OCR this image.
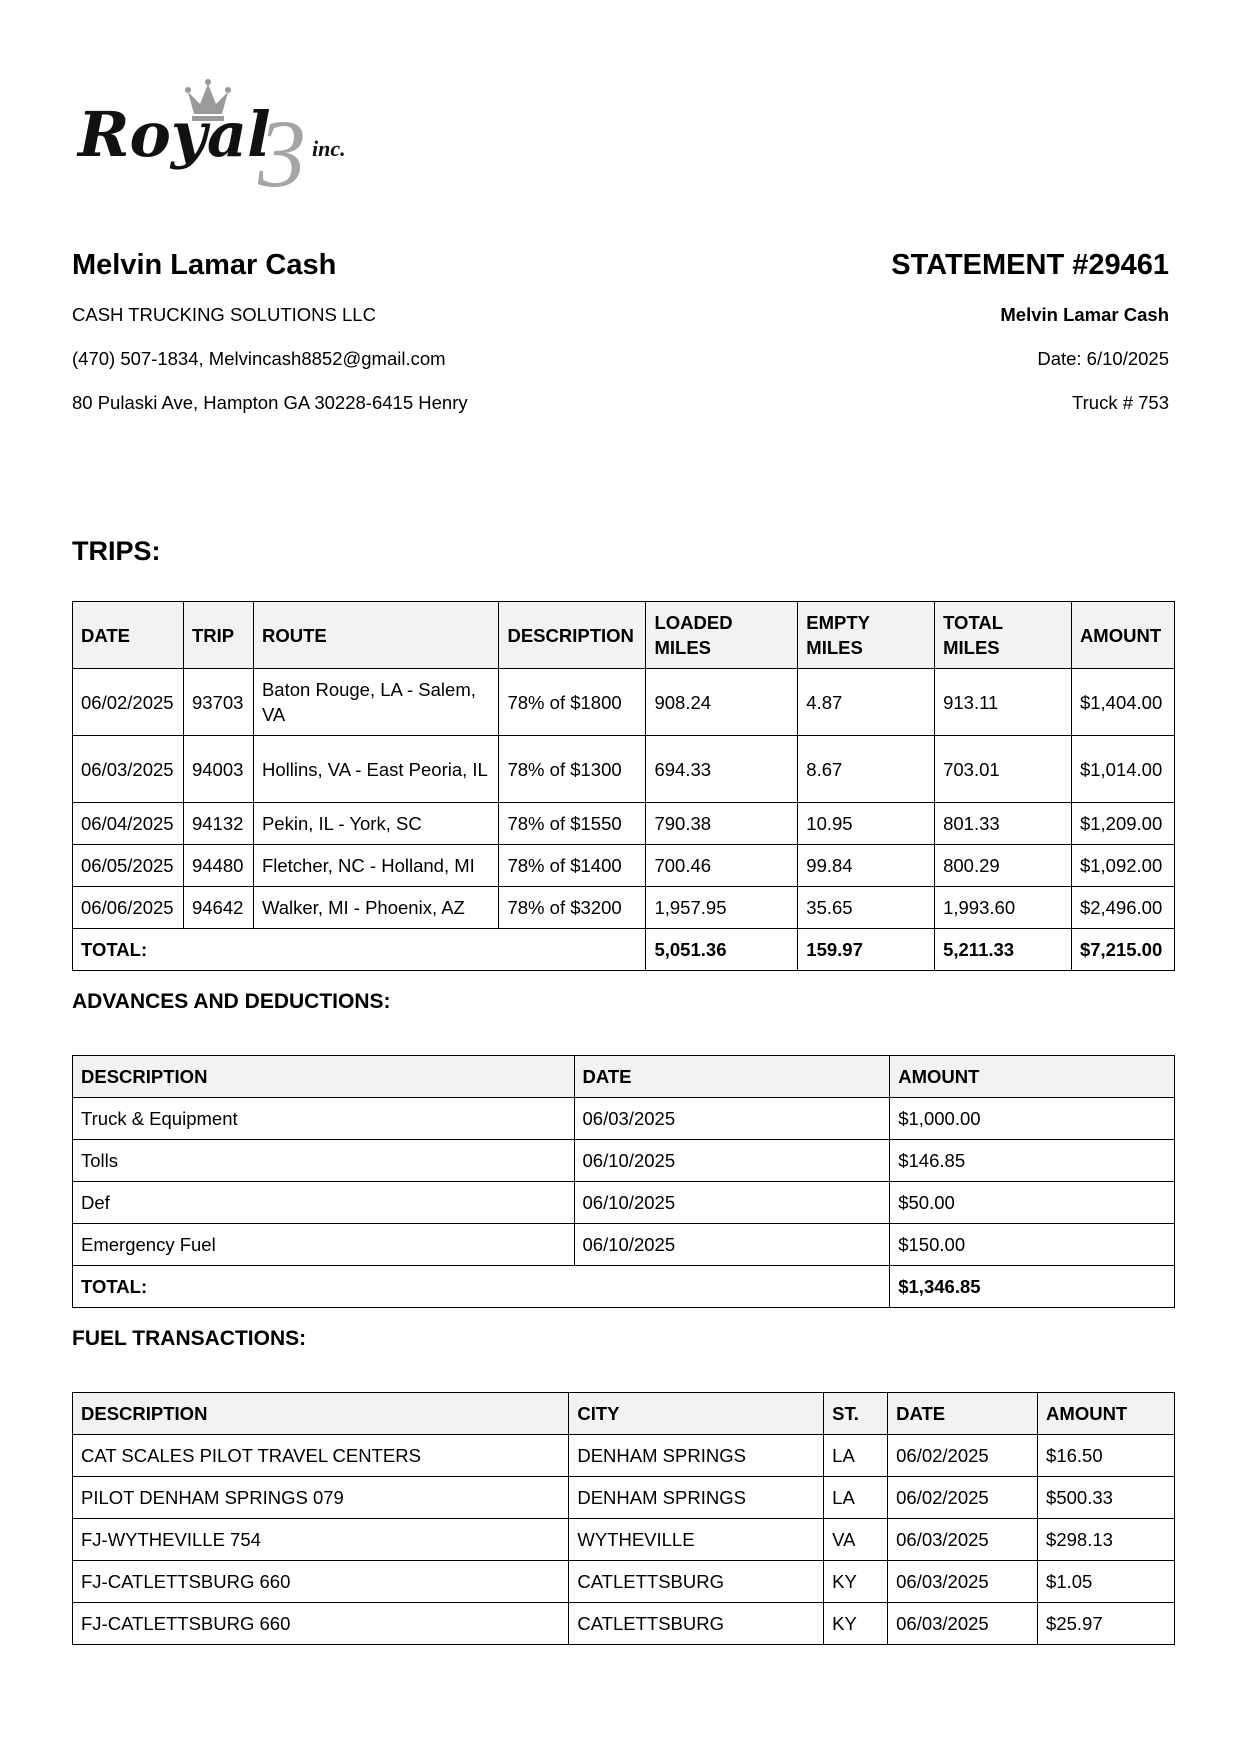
3
Royal inc.
Melvin Lamar Cash
CASH TRUCKING SOLUTIONS LLC
(470) 507-1834, Melvincash8852@gmail.com
80 Pulaski Ave, Hampton GA 30228-6415 Henry
STATEMENT #29461
Melvin Lamar Cash
Date: 6/10/2025
Truck # 753
TRIPS:
DATE	TRIP	ROUTE	DESCRIPTION	LOADED MILES	EMPTY MILES	TOTAL MILES	AMOUNT
06/02/2025	93703	Baton Rouge, LA - Salem, VA	78% of $1800	908.24	4.87	913.11	$1,404.00
06/03/2025	94003	Hollins, VA - East Peoria, IL	78% of $1300	694.33	8.67	703.01	$1,014.00
06/04/2025	94132	Pekin, IL - York, SC	78% of $1550	790.38	10.95	801.33	$1,209.00
06/05/2025	94480	Fletcher, NC - Holland, MI	78% of $1400	700.46	99.84	800.29	$1,092.00
06/06/2025	94642	Walker, MI - Phoenix, AZ	78% of $3200	1,957.95	35.65	1,993.60	$2,496.00
TOTAL:				5,051.36	159.97	5,211.33	$7,215.00
ADVANCES AND DEDUCTIONS:
DESCRIPTION	DATE	AMOUNT
Truck & Equipment	06/03/2025	$1,000.00
Tolls	06/10/2025	$146.85
Def	06/10/2025	$50.00
Emergency Fuel	06/10/2025	$150.00
TOTAL:		$1,346.85
FUEL TRANSACTIONS:
DESCRIPTION	CITY	ST.	DATE	AMOUNT
CAT SCALES PILOT TRAVEL CENTERS	DENHAM SPRINGS	LA	06/02/2025	$16.50
PILOT DENHAM SPRINGS 079	DENHAM SPRINGS	LA	06/02/2025	$500.33
FJ-WYTHEVILLE 754	WYTHEVILLE	VA	06/03/2025	$298.13
FJ-CATLETTSBURG 660	CATLETTSBURG	KY	06/03/2025	$1.05
FJ-CATLETTSBURG 660	CATLETTSBURG	KY	06/03/2025	$25.97
